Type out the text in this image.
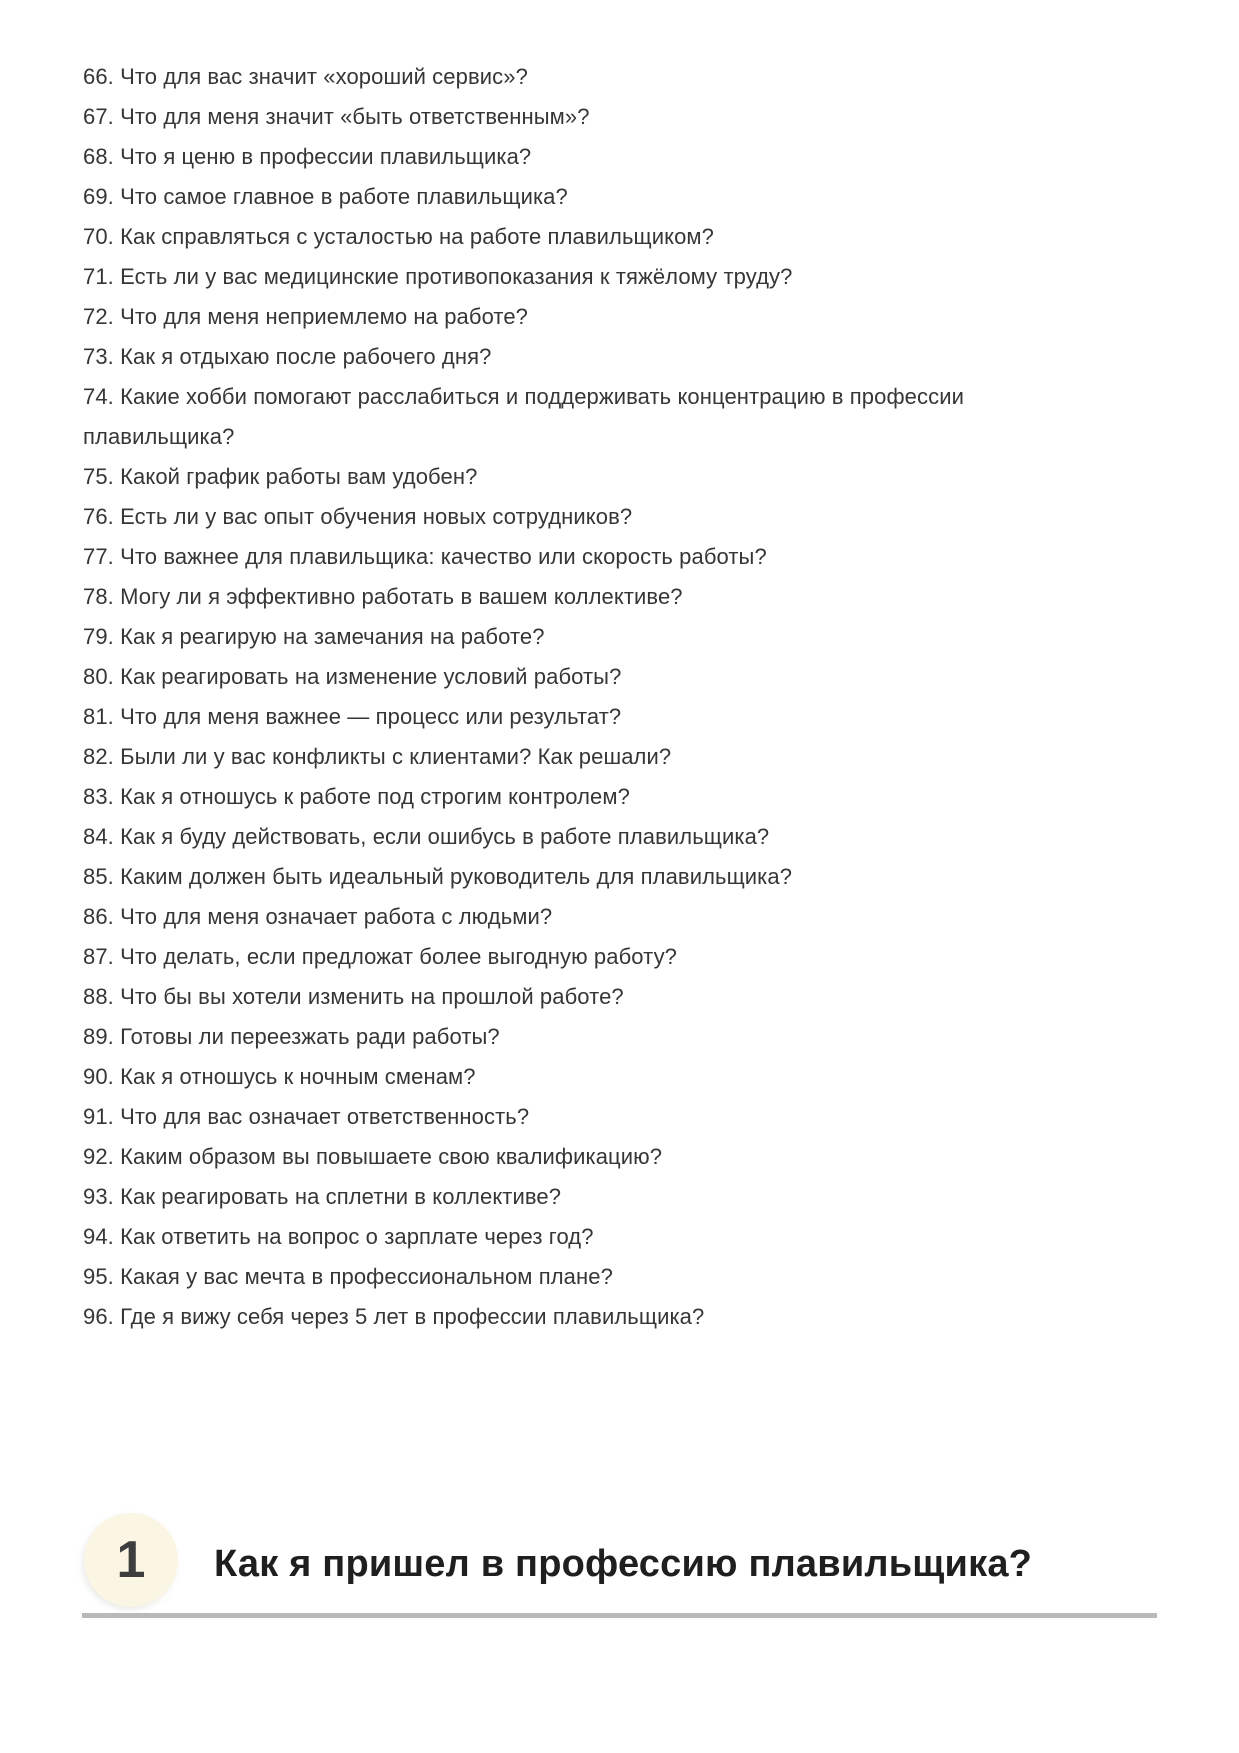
66. Что для вас значит «хороший сервис»?
67. Что для меня значит «быть ответственным»?
68. Что я ценю в профессии плавильщика?
69. Что самое главное в работе плавильщика?
70. Как справляться с усталостью на работе плавильщиком?
71. Есть ли у вас медицинские противопоказания к тяжёлому труду?
72. Что для меня неприемлемо на работе?
73. Как я отдыхаю после рабочего дня?
74. Какие хобби помогают расслабиться и поддерживать концентрацию в профессии плавильщика?
75. Какой график работы вам удобен?
76. Есть ли у вас опыт обучения новых сотрудников?
77. Что важнее для плавильщика: качество или скорость работы?
78. Могу ли я эффективно работать в вашем коллективе?
79. Как я реагирую на замечания на работе?
80. Как реагировать на изменение условий работы?
81. Что для меня важнее — процесс или результат?
82. Были ли у вас конфликты с клиентами? Как решали?
83. Как я отношусь к работе под строгим контролем?
84. Как я буду действовать, если ошибусь в работе плавильщика?
85. Каким должен быть идеальный руководитель для плавильщика?
86. Что для меня означает работа с людьми?
87. Что делать, если предложат более выгодную работу?
88. Что бы вы хотели изменить на прошлой работе?
89. Готовы ли переезжать ради работы?
90. Как я отношусь к ночным сменам?
91. Что для вас означает ответственность?
92. Каким образом вы повышаете свою квалификацию?
93. Как реагировать на сплетни в коллективе?
94. Как ответить на вопрос о зарплате через год?
95. Какая у вас мечта в профессиональном плане?
96. Где я вижу себя через 5 лет в профессии плавильщика?
1 Как я пришел в профессию плавильщика?
